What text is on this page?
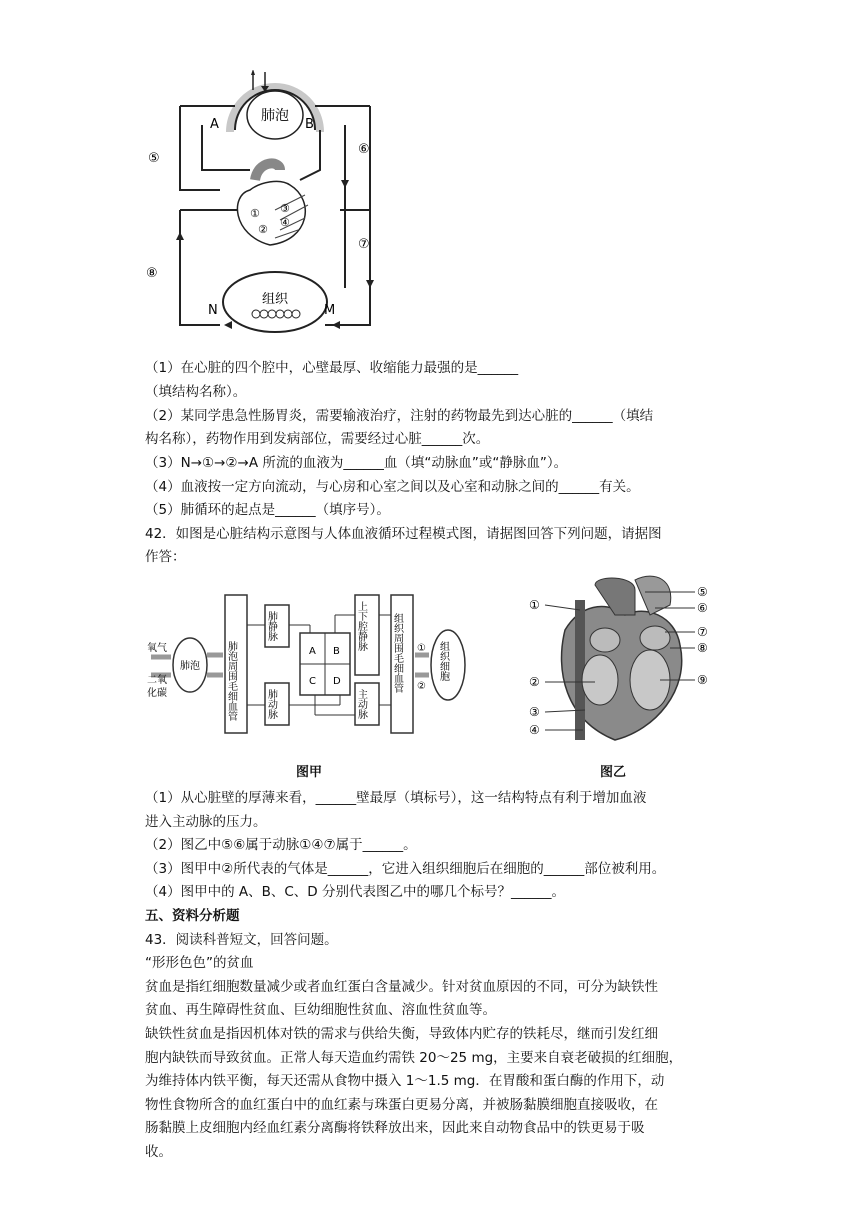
肺泡
组织
A	B
①
②
③
④
⑤
⑥
⑦
⑧
N	M
（1）在心脏的四个腔中，心壁最厚、收缩能力最强的是______
（填结构名称）。
（2）某同学患急性肠胃炎，需要输液治疗，注射的药物最先到达心脏的______（填结
构名称），药物作用到发病部位，需要经过心脏______次。
（3）N→①→②→A 所流的血液为______血（填“动脉血”或“静脉血”）。
（4）血液按一定方向流动，与心房和心室之间以及心室和动脉之间的______有关。
（5）肺循环的起点是______（填序号）。
42．如图是心脏结构示意图与人体血液循环过程模式图，请据图回答下列问题，请据图
作答：
氧气
二氧
化碳
肺泡	肺泡周围毛细血管
肺静脉
肺动脉
A B
C D
上下腔静脉
主动脉
组织周围毛细血管 ①
②
组织细胞
①
②
③
④
⑤
⑥
⑦
⑧
⑨
图甲	图乙
（1）从心脏壁的厚薄来看，______壁最厚（填标号），这一结构特点有利于增加血液
进入主动脉的压力。
（2）图乙中⑤⑥属于动脉①④⑦属于______。
（3）图甲中②所代表的气体是______，它进入组织细胞后在细胞的______部位被利用。
（4）图甲中的 A、B、C、D 分别代表图乙中的哪几个标号？______。
五、资料分析题
43．阅读科普短文，回答问题。
“形形色色”的贫血
贫血是指红细胞数量减少或者血红蛋白含量减少。针对贫血原因的不同，可分为缺铁性
贫血、再生障碍性贫血、巨幼细胞性贫血、溶血性贫血等。
缺铁性贫血是指因机体对铁的需求与供给失衡，导致体内贮存的铁耗尽，继而引发红细
胞内缺铁而导致贫血。正常人每天造血约需铁 20～25 mg，主要来自衰老破损的红细胞，
为维持体内铁平衡，每天还需从食物中摄入 1～1.5 mg．在胃酸和蛋白酶的作用下，动
物性食物所含的血红蛋白中的血红素与珠蛋白更易分离，并被肠黏膜细胞直接吸收，在
肠黏膜上皮细胞内经血红素分离酶将铁释放出来，因此来自动物食品中的铁更易于吸
收。
